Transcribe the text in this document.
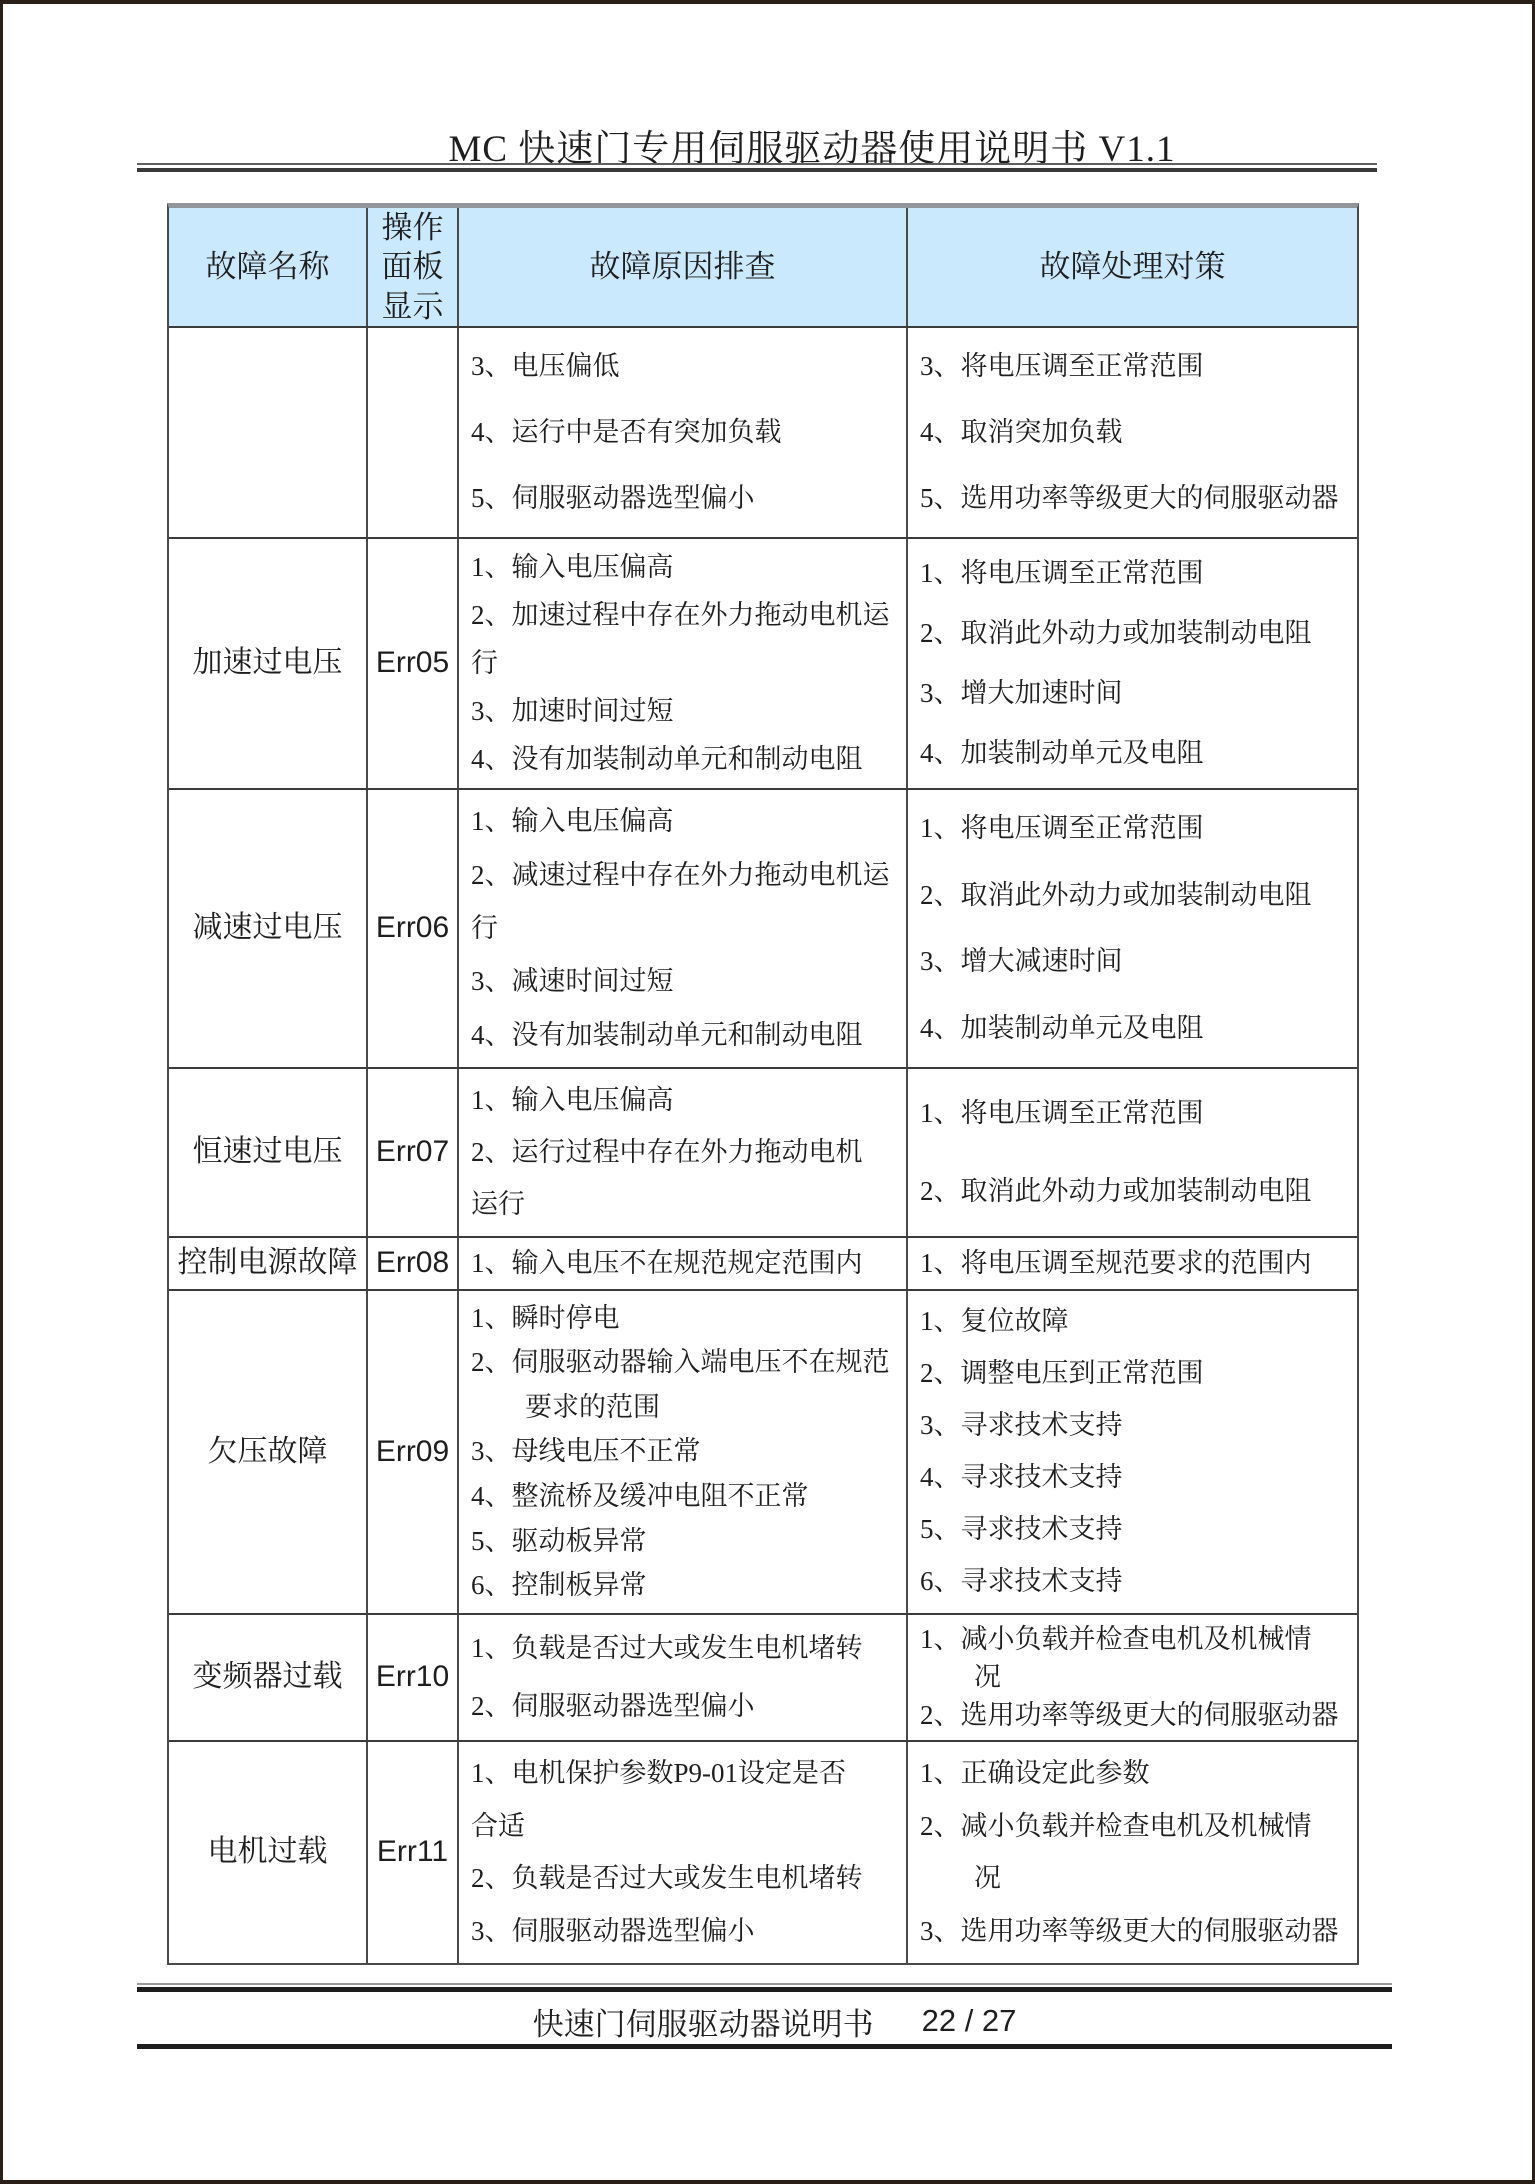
MC 快速门专用伺服驱动器使用说明书 V1.1
故障名称
操作面板显示
故障原因排查	故障处理对策
3、电压偏低
4、运行中是否有突加负载
5、伺服驱动器选型偏小
3、将电压调至正常范围
4、取消突加负载
5、选用功率等级更大的伺服驱动器
加速过电压 Err05
1、输入电压偏高
2、加速过程中存在外力拖动电机运
行
3、加速时间过短
4、没有加装制动单元和制动电阻
1、将电压调至正常范围
2、取消此外动力或加装制动电阻
3、增大加速时间
4、加装制动单元及电阻
减速过电压 Err06
1、输入电压偏高
2、减速过程中存在外力拖动电机运
行
3、减速时间过短
4、没有加装制动单元和制动电阻
1、将电压调至正常范围
2、取消此外动力或加装制动电阻
3、增大减速时间
4、加装制动单元及电阻
恒速过电压 Err07
1、输入电压偏高
2、运行过程中存在外力拖动电机
运行
1、将电压调至正常范围
2、取消此外动力或加装制动电阻
控制电源故障 Err08 1、输入电压不在规范规定范围内	1、将电压调至规范要求的范围内
欠压故障 Err09
1、瞬时停电
2、伺服驱动器输入端电压不在规范
　　要求的范围
3、母线电压不正常
4、整流桥及缓冲电阻不正常
5、驱动板异常
6、控制板异常
1、复位故障
2、调整电压到正常范围
3、寻求技术支持
4、寻求技术支持
5、寻求技术支持
6、寻求技术支持
变频器过载 Err10
1、负载是否过大或发生电机堵转
2、伺服驱动器选型偏小
1、减小负载并检查电机及机械情
　　况
2、选用功率等级更大的伺服驱动器
电机过载 Err11
1、电机保护参数P9-01设定是否
合适
2、负载是否过大或发生电机堵转
3、伺服驱动器选型偏小
1、正确设定此参数
2、减小负载并检查电机及机械情
　　况
3、选用功率等级更大的伺服驱动器
快速门伺服驱动器说明书 22 / 27
